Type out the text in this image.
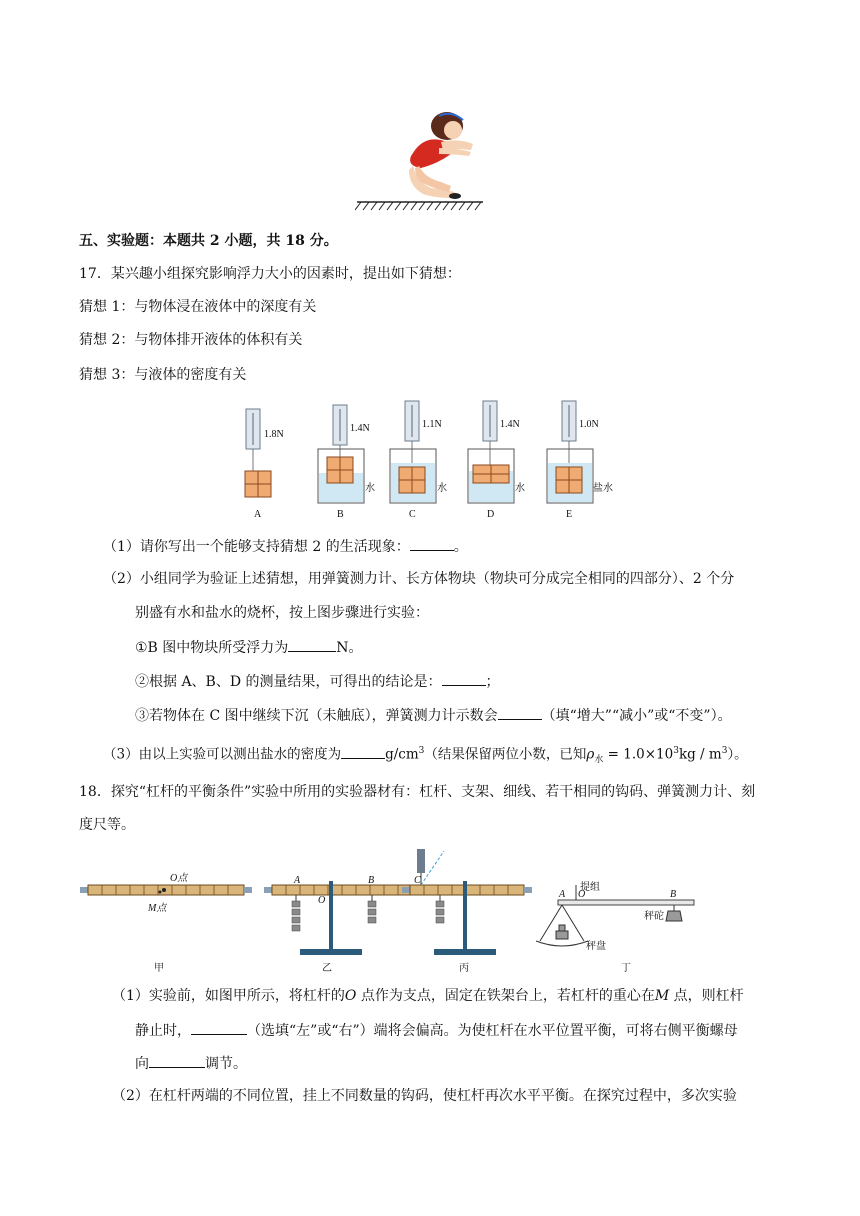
五、实验题：本题共 2 小题，共 18 分。
17．某兴趣小组探究影响浮力大小的因素时，提出如下猜想：
猜想 1：与物体浸在液体中的深度有关
猜想 2：与物体排开液体的体积有关
猜想 3：与液体的密度有关
1.8N
1.4N	1.1N	1.4N	1.0N
水	水	水	盐水
A	B	C	D	E
（1）请你写出一个能够支持猜想 2 的生活现象：	。
（2）小组同学为验证上述猜想，用弹簧测力计、长方体物块（物块可分成完全相同的四部分）、2 个分
别盛有水和盐水的烧杯，按上图步骤进行实验：
①B 图中物块所受浮力为	N。
②根据 A、B、D 的测量结果，可得出的结论是：	；
③若物体在 C 图中继续下沉（未触底），弹簧测力计示数会	（填“增大”“减小”或“不变”）。
（3）由以上实验可以测出盐水的密度为	$g/cm^3$（结果保留两位小数，已知$\rho_水 = 1.0\times 10^3kg / m^3$）。
18．探究“杠杆的平衡条件”实验中所用的实验器材有：杠杆、支架、细线、若干相同的钩码、弹簧测力计、刻
度尺等。
O点
M点
A	B
O
C
A O	B
提组
秤砣
秤盘
甲	乙	丙	丁
（1）实验前，如图甲所示，将杠杆的O 点作为支点，固定在铁架台上，若杠杆的重心在M 点，则杠杆
静止时，	（选填“左”或“右”）端将会偏高。为使杠杆在水平位置平衡，可将右侧平衡螺母
向	调节。
（2）在杠杆两端的不同位置，挂上不同数量的钩码，使杠杆再次水平平衡。在探究过程中，多次实验
